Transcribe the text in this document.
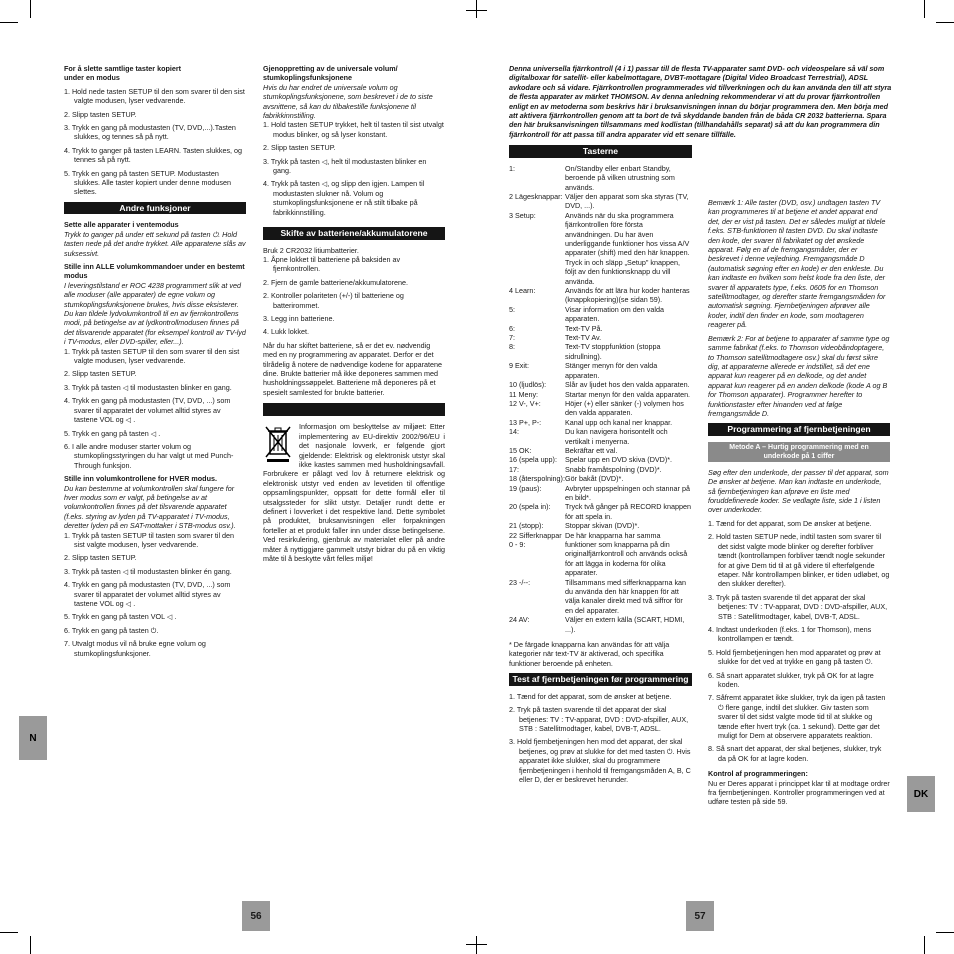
N
DK
56	57

For å slette samtlige taster kopiert

under en modus

1. Hold nede tasten SETUP til den som svarer til den sist valgte modusen, lyser vedvarende.

2. Slipp tasten SETUP.

3. Trykk en gang på modustasten (TV, DVD,...).Tasten slukkes, og tennes så på nytt.

4. Trykk to ganger på tasten LEARN. Tasten slukkes, og tennes så på nytt.

5. Trykk en gang på tasten SETUP. Modustasten slukkes. Alle taster kopiert under denne modusen slettes.

Andre funksjoner

Sette alle apparater i ventemodus

Trykk to ganger på under ett sekund på tasten ⏻. Hold tasten nede på det andre trykket. Alle apparatene slås av suksessivt.

Stille inn ALLE volumkommandoer under en bestemt modus

I leveringstilstand er ROC 4238 programmert slik at ved alle moduser (alle apparater) de egne volum og stumkoplingsfunksjonene brukes, hvis disse eksisterer. Du kan tildele lydvolumkontroll til en av fjernkontrollens modi, på betingelse av at lydkontrollmodusen finnes på det tilsvarende apparatet (for eksempel kontroll av TV-lyd i TV-modus, eller DVD-spiller, eller...).

1. Trykk på tasten SETUP til den som svarer til den sist valgte modusen, lyser vedvarende.

2. Slipp tasten SETUP.

3. Trykk på tasten ◁ til modustasten blinker en gang.

4. Trykk en gang på modustasten (TV, DVD, ...) som svarer til apparatet der volumet alltid styres av tastene VOL og ◁ .

5. Trykk en gang på tasten ◁ .

6. I alle andre moduser starter volum og stumkoplingsstyringen du har valgt ut med Punch-Through funksjon.

Stille inn volumkontrollene for HVER modus.

Du kan bestemme at volumkontrollen skal fungere for hver modus som er valgt, på betingelse av at volumkontrollen finnes på det tilsvarende apparatet (f.eks. styring av lyden på TV-apparatet i TV-modus, deretter lyden på en SAT-mottaker i STB-modus osv.).

1. Trykk på tasten SETUP til tasten som svarer til den sist valgte modusen, lyser vedvarende.

2. Slipp tasten SETUP.

3. Trykk på tasten ◁ til modustasten blinker én gang.

4. Trykk en gang på modustasten (TV, DVD, ...) som svarer til apparatet der volumet alltid styres av tastene VOL og ◁ .

5. Trykk en gang på tasten VOL ◁ .

6. Trykk en gang på tasten ⏻.

7. Utvalgt modus vil nå bruke egne volum og stumkoplingsfunksjoner.

Gjenoppretting av de universale volum/ stumkoplingsfunksjonene

Hvis du har endret de universale volum og stumkoplingsfunksjonene, som beskrevet i de to siste avsnittene, så kan du tilbakestille funksjonene til fabrikkinnstilling.

1. Hold tasten SETUP trykket, helt til tasten til sist utvalgt modus blinker, og så lyser konstant.

2. Slipp tasten SETUP.

3. Trykk på tasten ◁, helt til modustasten blinker en gang.

4. Trykk på tasten ◁, og slipp den igjen. Lampen til modustasten slukner nå. Volum og stumkoplingsfunksjonene er nå stilt tilbake på fabrikkinnstilling.

Skifte av batteriene/akkumulatorene

Bruk 2 CR2032 litiumbatterier.

1. Åpne lokket til batteriene på baksiden av fjernkontrollen.

2. Fjern de gamle batteriene/akkumulatorene.

2. Kontroller polariteten (+/-) til batteriene og batterirommet.

3. Legg inn batteriene.

4. Lukk lokket.

Når du har skiftet batteriene, så er det ev. nødvendig med en ny programmering av apparatet. Derfor er det tilrådelig å notere de nødvendige kodene for apparatene dine. Brukte batterier må ikke deponeres sammen med husholdningssøppelet. Batteriene må deponeres på et spesielt samlested for brukte batterier.

Informasjon om beskyttelse av miljøet: Etter implementering av EU-direktiv 2002/96/EU i det nasjonale lovverk, er følgende gjort gjeldende: Elektrisk og elektronisk utstyr skal ikke kastes sammen med husholdningsavfall. Forbrukere er pålagt ved lov å returnere elektrisk og elektronisk utstyr ved enden av levetiden til offentlige oppsamlingspunkter, oppsatt for dette formål eller til utsalgssteder for slikt utstyr. Detaljer rundt dette er definert i lovverket i det respektive land. Dette symbolet på produktet, bruksanvisningen eller forpakningen forteller at et produkt faller inn under disse betingelsene. Ved resirkulering, gjenbruk av materialet eller på andre måter å nyttiggjøre gammelt utstyr bidrar du på en viktig måte til å beskytte vårt felles miljø!

Denna universella fjärrkontroll (4 i 1) passar till de flesta TV-apparater samt DVD- och videospelare så väl som digitalboxar för satellit- eller kabelmottagare, DVBT-mottagare (Digital Video Broadcast Terrestrial), ADSL avkodare och så vidare. Fjärrkontrollen programmerades vid tillverkningen och du kan använda den till att styra de flesta apparater av märket THOMSON. Av denna anledning rekommenderar vi att du provar fjärrkontrollen enligt en av metoderna som beskrivs här i bruksanvisningen innan du börjar programmera den. Men börja med att aktivera fjärrkontrollen genom att ta bort de två skyddande banden från de båda CR 2032 batterierna. Spara den här bruksanvisningen tillsammans med kodlistan (tillhandahålls separat) så att du kan programmera din fjärrkontroll för att passa till andra apparater vid ett senare tillfälle.

Tasterne
1:	On/Standby eller enbart Standby, beroende på vilken utrustning som används.
2 Lägesknappar: Väljer den apparat som ska styras (TV, DVD, ...).
3 Setup:	Används när du ska programmera fjärrkontrollen före första användningen. Du har även underliggande funktioner hos vissa A/V apparater (shift) med den här knappen. Tryck in och släpp „Setup" knappen, följt av den funktionsknapp du vill använda.
4 Learn:	Används för att lära hur koder hanteras (knappkopiering)(se sidan 59).
5:	Visar information om den valda apparaten.
6:	Text-TV På.
7:	Text-TV Av.
8:	Text-TV stoppfunktion (stoppa sidrullning).
9 Exit:	Stänger menyn för den valda apparaten.
10 (ljudlös):	Slår av ljudet hos den valda apparaten.
11 Meny:	Startar menyn för den valda apparaten.
12 V-, V+:	Höjer (+) eller sänker (-) volymen hos den valda apparaten.
13 P+, P-:	Kanal upp och kanal ner knappar.
14:	Du kan navigera horisontellt och vertikalt i menyerna.
15 OK:	Bekräftar ett val.
16 (spela upp):	Spelar upp en DVD skiva (DVD)*.
17:	Snabb framåtspolning (DVD)*.
18 (återspolning): Gör bakåt (DVD)*.
19 (paus):	Avbryter uppspelningen och stannar på en bild*.
20 (spela in):	Tryck två gånger på RECORD knappen för att spela in.
21 (stopp):	Stoppar skivan (DVD)*.
22 Sifferknappar 0 - 9:
De här knapparna har samma funktioner som knapparna på din originalfjärrkontroll och används också för att lägga in koderna för olika apparater.
23 -/--:	Tillsammans med sifferknapparna kan du använda den här knappen för att välja kanaler direkt med två siffror för en del apparater.
24 AV:	Väljer en extern källa (SCART, HDMI, ...).

* De färgade knapparna kan användas för att välja kategorier när text-TV är aktiverad, och specifika funktioner beroende på enheten.

Test af fjernbetjeningen før programmering

1. Tænd for det apparat, som de ønsker at betjene.

2. Tryk på tasten svarende til det apparat der skal betjenes: TV : TV-apparat, DVD : DVD-afspiller, AUX, STB : Satellitmodtager, kabel, DVB-T, ADSL.

3. Hold fjernbetjeningen hen mod det apparat, der skal betjenes, og prøv at slukke for det med tasten ⏻. Hvis apparatet ikke slukker, skal du programmere fjernbetjeningen i henhold til fremgangsmåden A, B, C eller D, der er beskrevet herunder.

Bemærk 1: Alle taster (DVD, osv.) undtagen tasten TV kan programmeres til at betjene et andet apparat end det, der er vist på tasten. Det er således muligt at tildele f.eks. STB-funktionen til tasten DVD. Du skal indtaste den kode, der svarer til fabrikatet og det ønskede apparat. Følg en af de fremgangsmåder, der er beskrevet i denne vejledning. Fremgangsmåde D (automatisk søgning efter en kode) er den enkleste. Du kan indtaste en hvilken som helst kode fra den liste, der svarer til apparatets type, f.eks. 0605 for en Thomson satellitmodtager, og derefter starte fremgangsmåden for automatisk søgning. Fjernbetjeningen afprøver alle koder, indtil den finder en kode, som modtageren reagerer på.

Bemærk 2: For at betjene to apparater af samme type og samme fabrikat (f.eks. to Thomson videobåndoptagere, to Thomson satellitmodtagere osv.) skal du først sikre dig, at apparaterne allerede er indstillet, så det ene apparat kun reagerer på en delkode, og det andet apparat kun reagerer på en anden delkode (kode A og B for Thomson apparater). Programmer herefter to funktionstaster efter hinanden ved at følge fremgangsmåde D.

Programmering af fjernbetjeningen
Metode A – Hurtig programmering med en underkode på 1 ciffer

Søg efter den underkode, der passer til det apparat, som De ønsker at betjene. Man kan indtaste en underkode, så fjernbetjeningen kan afprøve en liste med foruddefinerede koder. Se vedlagte liste, side 1 i listen over underkoder.

1. Tænd for det apparat, som De ønsker at betjene.

2. Hold tasten SETUP nede, indtil tasten som svarer til det sidst valgte mode blinker og derefter forbliver tændt (kontrollampen forbliver tændt nogle sekunder for at give Dem tid til at gå videre til efterfølgende etaper. Når kontrollampen blinker, er tiden udløbet, og den slukker derefter).

3. Tryk på tasten svarende til det apparat der skal betjenes: TV : TV-apparat, DVD : DVD-afspiller, AUX, STB : Satellitmodtager, kabel, DVB-T, ADSL.

4. Indtast underkoden (f.eks. 1 for Thomson), mens kontrollampen er tændt.

5. Hold fjernbetjeningen hen mod apparatet og prøv at slukke for det ved at trykke en gang på tasten ⏻.

6. Så snart apparatet slukker, tryk på OK for at lagre koden.

7. Såfremt apparatet ikke slukker, tryk da igen på tasten ⏻ flere gange, indtil det slukker. Giv tasten som svarer til det sidst valgte mode tid til at slukke og tænde efter hvert tryk (ca. 1 sekund). Dette gør det muligt for Dem at observere apparatets reaktion.

8. Så snart det apparat, der skal betjenes, slukker, tryk da på OK for at lagre koden.

Kontrol af programmeringen:

Nu er Deres apparat i princippet klar til at modtage ordrer fra fjernbetjeningen. Kontroller programmeringen ved at udføre testen på side 59.
